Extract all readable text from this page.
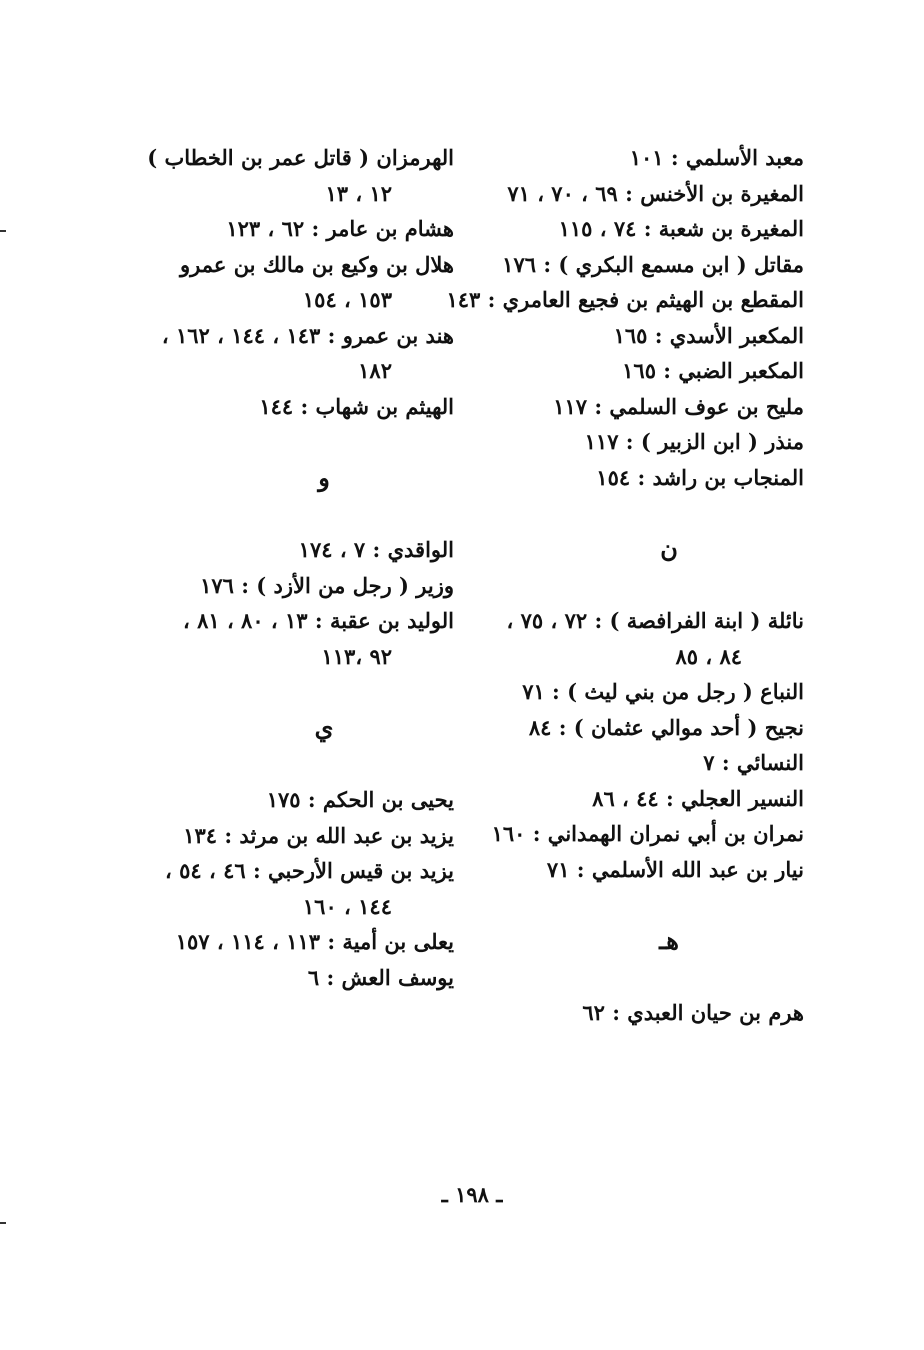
معبد الأسلمي : ١٠١

المغيرة بن الأخنس : ٦٩ ، ٧٠ ، ٧١

المغيرة بن شعبة : ٧٤ ، ١١٥

مقاتل ( ابن مسمع البكري ) : ١٧٦

المقطع بن الهيثم بن فجيع العامري : ١٤٣

المكعبر الأسدي : ١٦٥

المكعبر الضبي : ١٦٥

مليح بن عوف السلمي : ١١٧

منذر ( ابن الزبير ) : ١١٧

المنجاب بن راشد : ١٥٤

ن

نائلة ( ابنة الفرافصة ) : ٧٢ ، ٧٥ ،

٨٤ ، ٨٥

النباع ( رجل من بني ليث ) : ٧١

نجيح ( أحد موالي عثمان ) : ٨٤

النسائي : ٧

النسير العجلي : ٤٤ ، ٨٦

نمران بن أبي نمران الهمداني : ١٦٠

نيار بن عبد الله الأسلمي : ٧١

هـ

هرم بن حيان العبدي : ٦٢

الهرمزان ( قاتل عمر بن الخطاب )

١٢ ، ١٣

هشام بن عامر : ٦٢ ، ١٢٣

هلال بن وكيع بن مالك بن عمرو

١٥٣ ، ١٥٤

هند بن عمرو : ١٤٣ ، ١٤٤ ، ١٦٢ ،

١٨٢

الهيثم بن شهاب : ١٤٤

و

الواقدي : ٧ ، ١٧٤

وزير ( رجل من الأزد ) : ١٧٦

الوليد بن عقبة : ١٣ ، ٨٠ ، ٨١ ،

٩٢ ،١١٣

ي

يحيى بن الحكم : ١٧٥

يزيد بن عبد الله بن مرثد : ١٣٤

يزيد بن قيس الأرحبي : ٤٦ ، ٥٤ ،

١٤٤ ، ١٦٠

يعلى بن أمية : ١١٣ ، ١١٤ ، ١٥٧

يوسف العش : ٦

ـ ١٩٨ ـ
